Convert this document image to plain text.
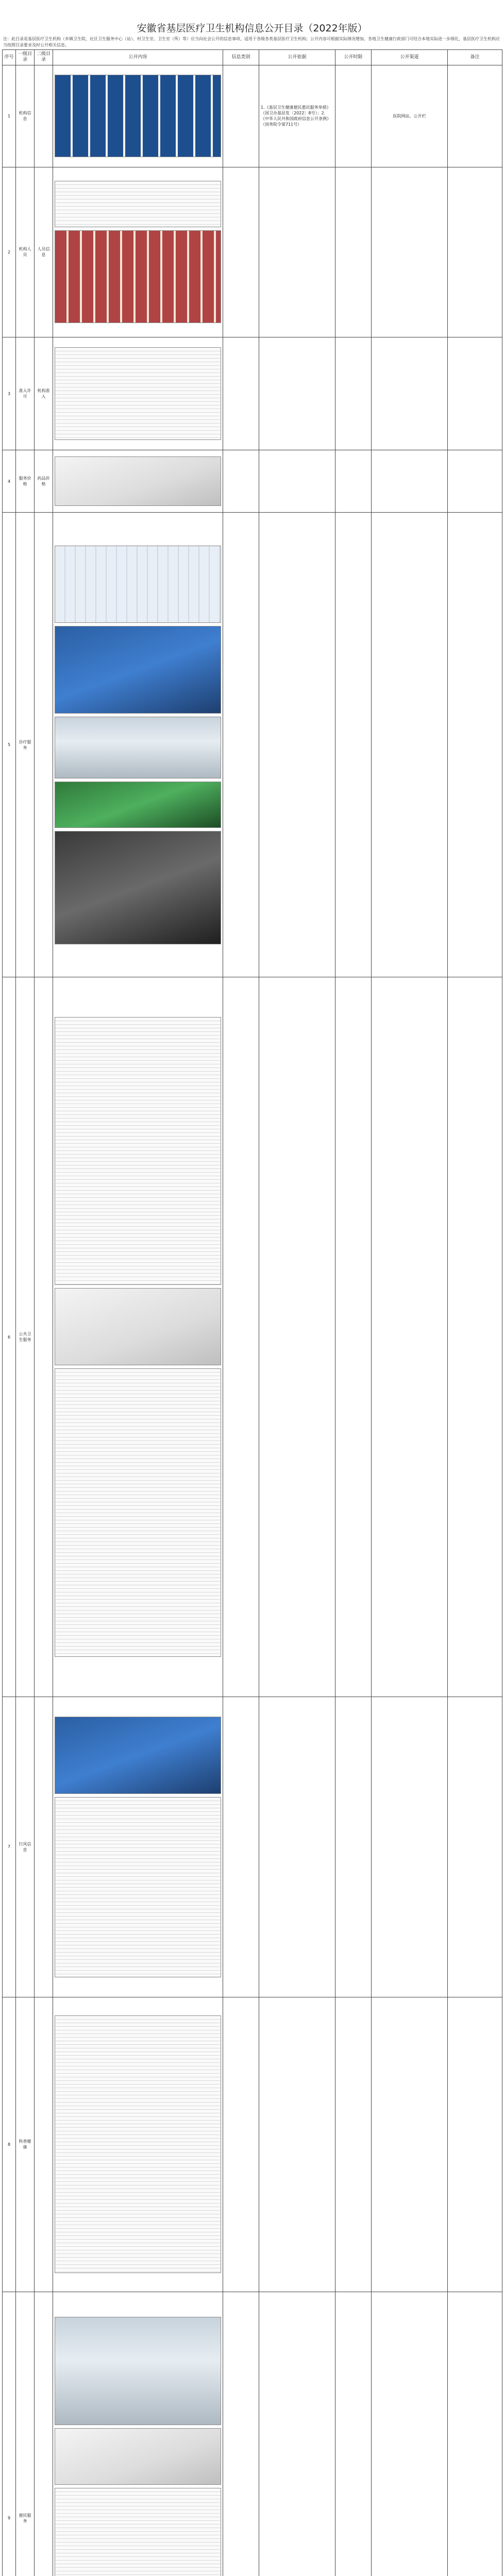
安徽省基层医疗卫生机构信息公开目录（2022年版）
注：此目录是基层医疗卫生机构（乡镇卫生院、社区卫生服务中心（站）、村卫生室、卫生室（所）等）应当向社会公开的信息事项，适用于各级各类基层医疗卫生机构；公开内容可根据实际情况增加，各地卫生健康行政部门可结合本地实际进一步细化，基层医疗卫生机构应当按照目录要求及时公开相关信息。
序号	一级目录	二级目录	公开内容	信息类别	公开依据	公开时限	公开渠道	备注
1	机构信息				1.《基层卫生健康便民惠民服务举措》（国卫办基层发〔2022〕8号）；2.《中华人民共和国政府信息公开条例》（国务院令第711号）		医院网站、公开栏	
2	机构人员	人员信息	

3	准入许可	机构准入	

4	服务价格	药品价格	

5	诊疗服务		

6	公共卫生服务		

7	行风信息		

8	科普健康		

9	便民服务		
